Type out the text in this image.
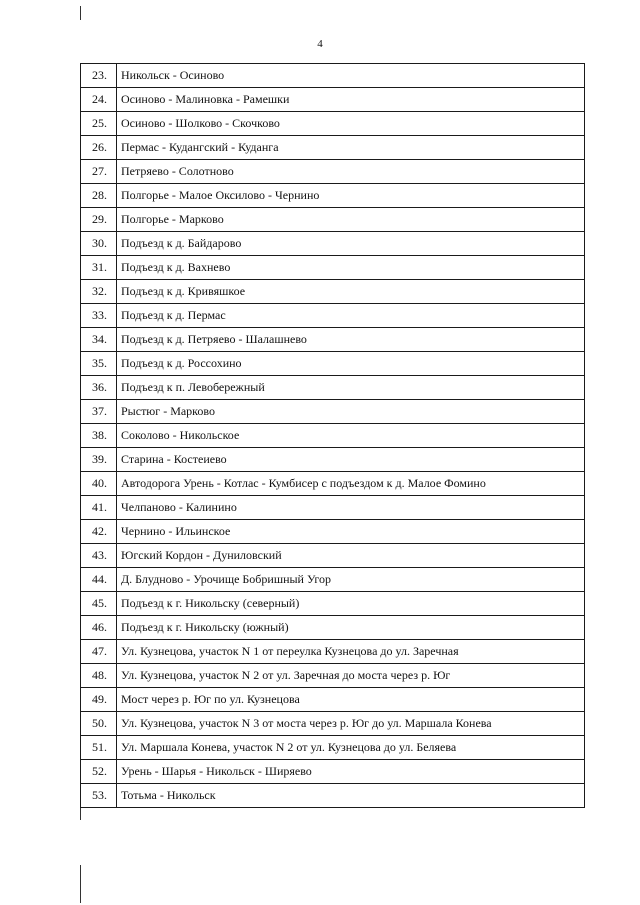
4
23.	Никольск - Осиново
24.	Осиново - Малиновка - Рамешки
25.	Осиново - Шолково - Скочково
26.	Пермас - Кудангский - Куданга
27.	Петряево - Солотново
28.	Полгорье - Малое Оксилово - Чернино
29.	Полгорье - Марково
30.	Подъезд к д. Байдарово
31.	Подъезд к д. Вахнево
32.	Подъезд к д. Кривяшкое
33.	Подъезд к д. Пермас
34.	Подъезд к д. Петряево - Шалашнево
35.	Подъезд к д. Россохино
36.	Подъезд к п. Левобережный
37.	Рыстюг - Марково
38.	Соколово - Никольское
39.	Старина - Костеиево
40.	Автодорога Урень - Котлас - Кумбисер с подъездом к д. Малое Фомино
41.	Челпаново - Калинино
42.	Чернино - Ильинское
43.	Югский Кордон - Дуниловский
44.	Д. Блудново - Урочище Бобришный Угор
45.	Подъезд к г. Никольску (северный)
46.	Подъезд к г. Никольску (южный)
47.	Ул. Кузнецова, участок N 1 от переулка Кузнецова до ул. Заречная
48.	Ул. Кузнецова, участок N 2 от ул. Заречная до моста через р. Юг
49.	Мост через р. Юг по ул. Кузнецова
50.	Ул. Кузнецова, участок N 3 от моста через р. Юг до ул. Маршала Конева
51.	Ул. Маршала Конева, участок N 2 от ул. Кузнецова до ул. Беляева
52.	Урень - Шарья - Никольск - Ширяево
53.	Тотьма - Никольск
